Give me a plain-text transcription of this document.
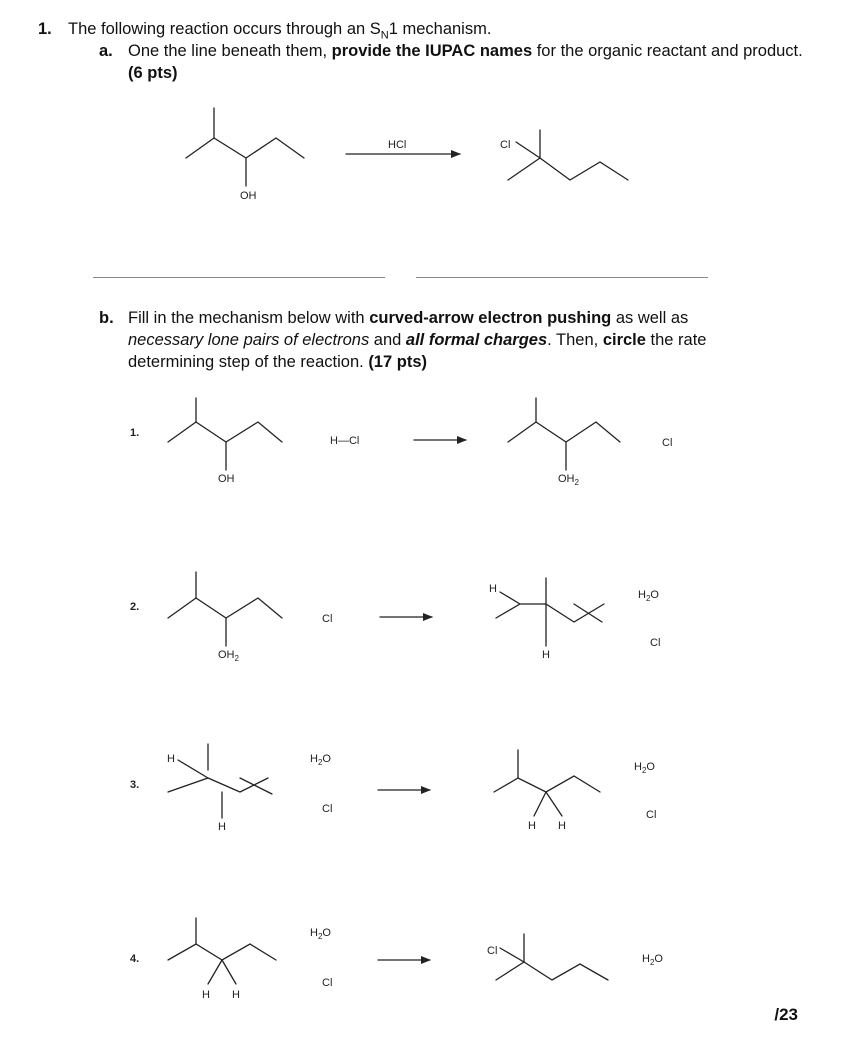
1. The following reaction occurs through an $S_N1$ mechanism.
a. One the line beneath them, provide the IUPAC names for the organic reactant and product. (6 pts)
b. Fill in the mechanism below with curved-arrow electron pushing as well as necessary lone pairs of electrons and all formal charges. Then, circle the rate determining step of the reaction. (17 pts)
OH
HCl	Cl
1.
OH
H—Cl
$OH_2$
Cl
2.
$OH_2$
Cl
H
H
$H_2O$
Cl
3.
H
H
$H_2O$
Cl
H H
$H_2O$
Cl
4.
H H
$H_2O$
Cl
Cl
$H_2O$
/23
